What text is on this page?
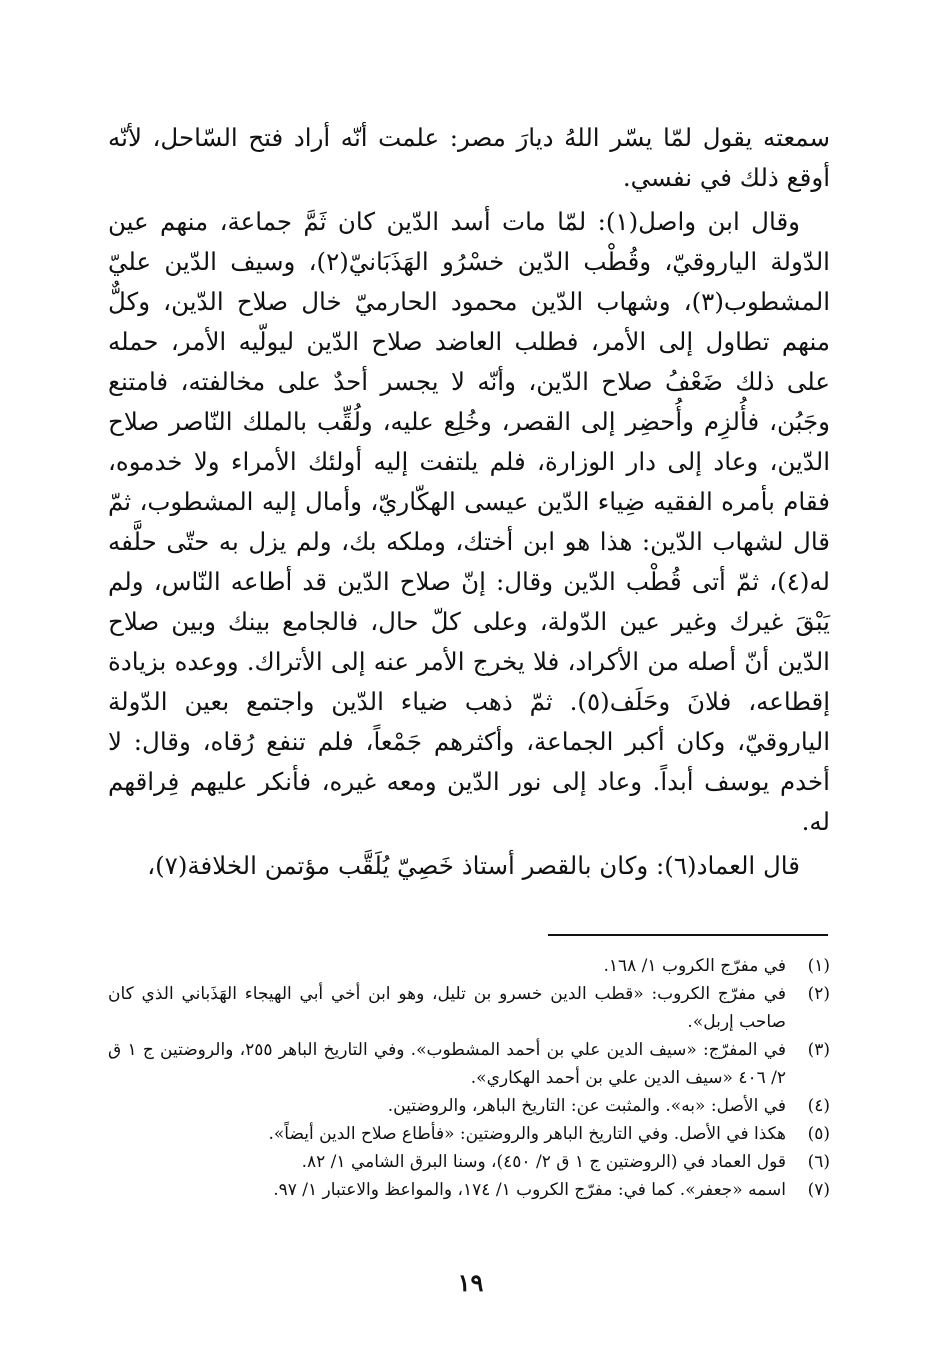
سمعته يقول لمّا يسّر اللهُ ديارَ مصر: علمت أنّه أراد فتح السّاحل، لأنّه أوقع ذلك في نفسي.

وقال ابن واصل(١): لمّا مات أسد الدّين كان ثَمَّ جماعة، منهم عين الدّولة الياروقيّ، وقُطْب الدّين خسْرُو الهَذَبَانيّ(٢)، وسيف الدّين عليّ المشطوب(٣)، وشهاب الدّين محمود الحارميّ خال صلاح الدّين، وكلٌّ منهم تطاول إلى الأمر، فطلب العاضد صلاح الدّين ليولّيه الأمر، حمله على ذلك ضَعْفُ صلاح الدّين، وأنّه لا يجسر أحدٌ على مخالفته، فامتنع وجَبُن، فأُلزِم وأُحضِر إلى القصر، وخُلِع عليه، ولُقِّب بالملك النّاصر صلاح الدّين، وعاد إلى دار الوزارة، فلم يلتفت إليه أولئك الأمراء ولا خدموه، فقام بأمره الفقيه ضِياء الدّين عيسى الهكّاريّ، وأمال إليه المشطوب، ثمّ قال لشهاب الدّين: هذا هو ابن أختك، وملكه بك، ولم يزل به حتّى حلَّفه له(٤)، ثمّ أتى قُطْب الدّين وقال: إنّ صلاح الدّين قد أطاعه النّاس، ولم يَبْقَ غيرك وغير عين الدّولة، وعلى كلّ حال، فالجامع بينك وبين صلاح الدّين أنّ أصله من الأكراد، فلا يخرج الأمر عنه إلى الأتراك. ووعده بزيادة إقطاعه، فلانَ وحَلَف(٥). ثمّ ذهب ضياء الدّين واجتمع بعين الدّولة الياروقيّ، وكان أكبر الجماعة، وأكثرهم جَمْعاً، فلم تنفع رُقاه، وقال: لا أخدم يوسف أبداً. وعاد إلى نور الدّين ومعه غيره، فأنكر عليهم فِراقهم له.

قال العماد(٦): وكان بالقصر أستاذ خَصِيّ يُلَقَّب مؤتمن الخلافة(٧)،

(١)
في مفرّج الكروب ١/ ١٦٨.
(٢)
في مفرّج الكروب: «قطب الدين خسرو بن تليل، وهو ابن أخي أبي الهيجاء الهَذَباني الذي كان صاحب إربل».
(٣)
في المفرّج: «سيف الدين علي بن أحمد المشطوب». وفي التاريخ الباهر ٢٥٥، والروضتين ج ١ ق ٢/ ٤٠٦ «سيف الدين علي بن أحمد الهكاري».
(٤)
في الأصل: «به». والمثبت عن: التاريخ الباهر، والروضتين.
(٥)
هكذا في الأصل. وفي التاريخ الباهر والروضتين: «فأطاع صلاح الدين أيضاً».
(٦)
قول العماد في (الروضتين ج ١ ق ٢/ ٤٥٠)، وسنا البرق الشامي ١/ ٨٢.
(٧)
اسمه «جعفر». كما في: مفرّج الكروب ١/ ١٧٤، والمواعظ والاعتبار ١/ ٩٧.
١٩
